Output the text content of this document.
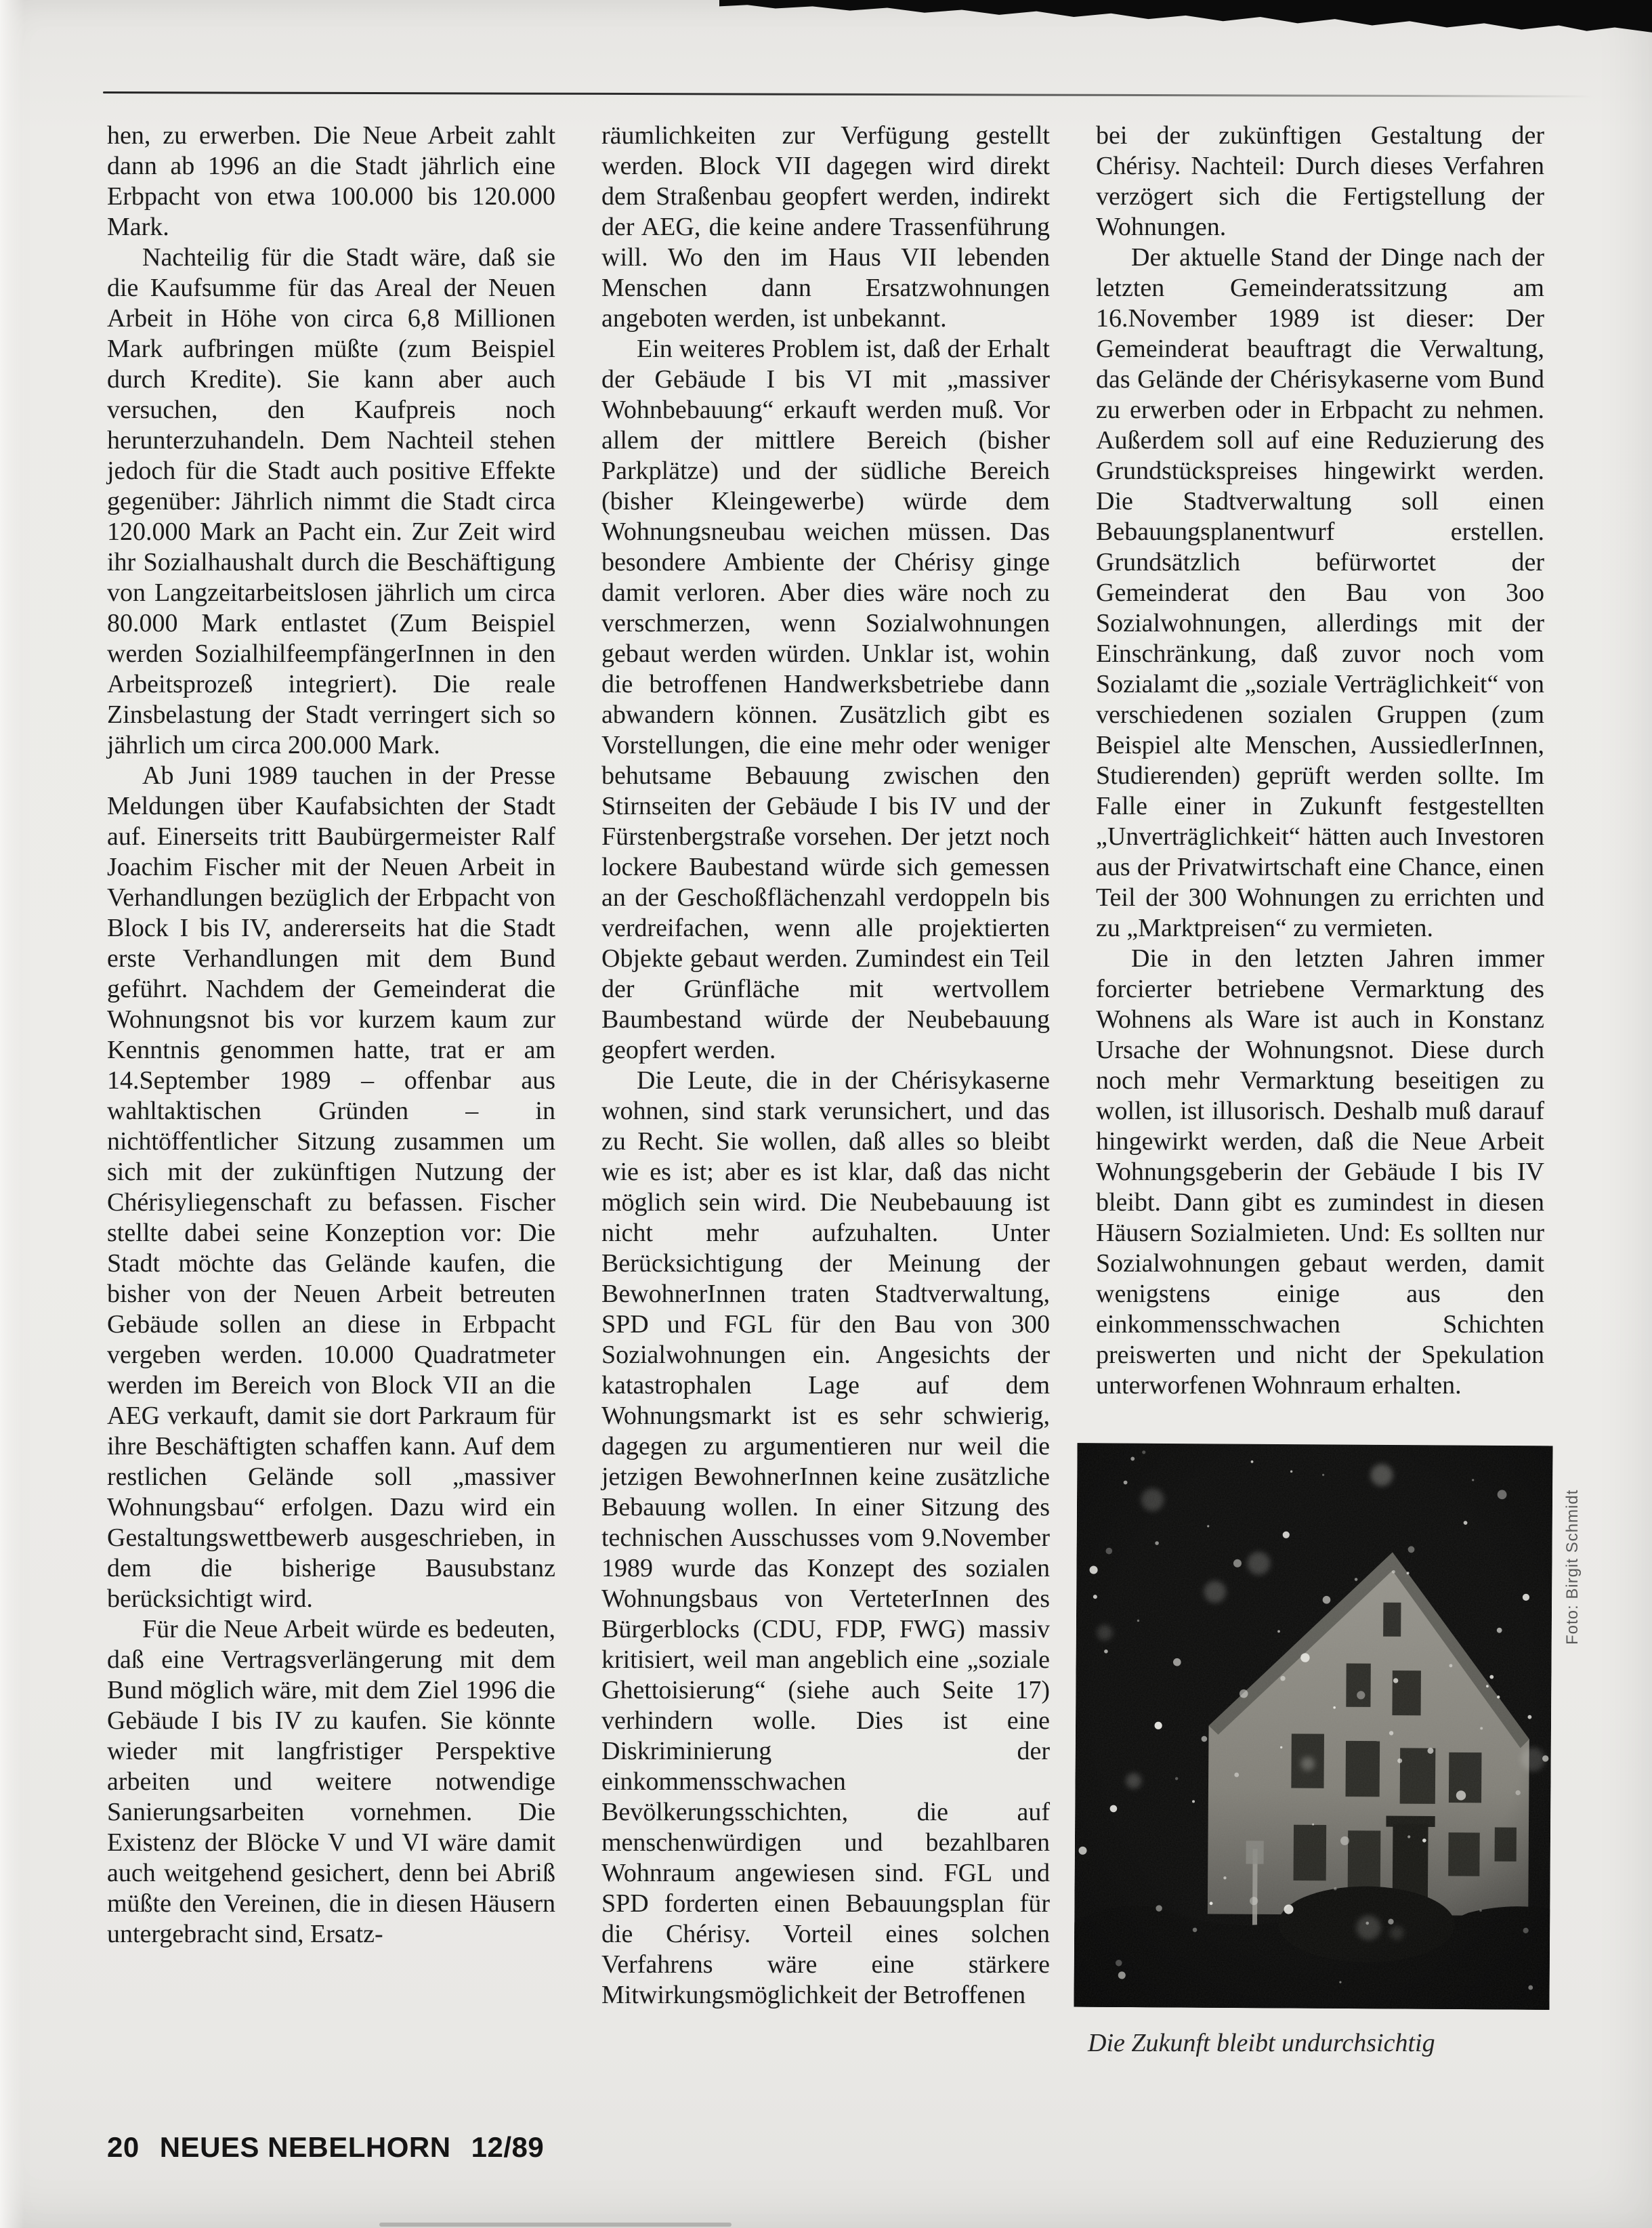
hen, zu erwerben. Die Neue Arbeit zahlt dann ab 1996 an die Stadt jährlich eine Erbpacht von etwa 100.000 bis 120.000 Mark.

Nachteilig für die Stadt wäre, daß sie die Kaufsumme für das Areal der Neuen Arbeit in Höhe von circa 6,8 Millionen Mark aufbringen müßte (zum Beispiel durch Kredite). Sie kann aber auch versuchen, den Kaufpreis noch herunterzuhandeln. Dem Nachteil stehen jedoch für die Stadt auch positive Effekte gegenüber: Jährlich nimmt die Stadt circa 120.000 Mark an Pacht ein. Zur Zeit wird ihr Sozialhaushalt durch die Beschäftigung von Langzeitarbeitslosen jährlich um circa 80.000 Mark entlastet (Zum Beispiel werden SozialhilfeempfängerInnen in den Arbeitsprozeß integriert). Die reale Zinsbelastung der Stadt verringert sich so jährlich um circa 200.000 Mark.

Ab Juni 1989 tauchen in der Presse Meldungen über Kaufabsichten der Stadt auf. Einerseits tritt Baubürgermeister Ralf Joachim Fischer mit der Neuen Arbeit in Verhandlungen bezüglich der Erbpacht von Block I bis IV, andererseits hat die Stadt erste Verhandlungen mit dem Bund geführt. Nachdem der Gemeinderat die Wohnungsnot bis vor kurzem kaum zur Kenntnis genommen hatte, trat er am 14.September 1989 – offenbar aus wahltaktischen Gründen – in nichtöffentlicher Sitzung zusammen um sich mit der zukünftigen Nutzung der Chérisyliegenschaft zu befassen. Fischer stellte dabei seine Konzeption vor: Die Stadt möchte das Gelände kaufen, die bisher von der Neuen Arbeit betreuten Gebäude sollen an diese in Erbpacht vergeben werden. 10.000 Quadratmeter werden im Bereich von Block VII an die AEG verkauft, damit sie dort Parkraum für ihre Beschäftigten schaffen kann. Auf dem restlichen Gelände soll „massiver Wohnungsbau“ erfolgen. Dazu wird ein Gestaltungswettbewerb ausgeschrieben, in dem die bisherige Bausubstanz berücksichtigt wird.

Für die Neue Arbeit würde es bedeuten, daß eine Vertragsverlängerung mit dem Bund möglich wäre, mit dem Ziel 1996 die Gebäude I bis IV zu kaufen. Sie könnte wieder mit langfristiger Perspektive arbeiten und weitere notwendige Sanierungsarbeiten vornehmen. Die Existenz der Blöcke V und VI wäre damit auch weitgehend gesichert, denn bei Abriß müßte den Vereinen, die in diesen Häusern untergebracht sind, Ersatz-

räumlichkeiten zur Verfügung gestellt werden. Block VII dagegen wird direkt dem Straßenbau geopfert werden, indirekt der AEG, die keine andere Trassenführung will. Wo den im Haus VII lebenden Menschen dann Ersatzwohnungen angeboten werden, ist unbekannt.

Ein weiteres Problem ist, daß der Erhalt der Gebäude I bis VI mit „massiver Wohnbebauung“ erkauft werden muß. Vor allem der mittlere Bereich (bisher Parkplätze) und der südliche Bereich (bisher Kleingewerbe) würde dem Wohnungsneubau weichen müssen. Das besondere Ambiente der Chérisy ginge damit verloren. Aber dies wäre noch zu verschmerzen, wenn Sozialwohnungen gebaut werden würden. Unklar ist, wohin die betroffenen Handwerksbetriebe dann abwandern können. Zusätzlich gibt es Vorstellungen, die eine mehr oder weniger behutsame Bebauung zwischen den Stirnseiten der Gebäude I bis IV und der Fürstenbergstraße vorsehen. Der jetzt noch lockere Baubestand würde sich gemessen an der Geschoßflächenzahl verdoppeln bis verdreifachen, wenn alle projektierten Objekte gebaut werden. Zumindest ein Teil der Grünfläche mit wertvollem Baumbestand würde der Neubebauung geopfert werden.

Die Leute, die in der Chérisykaserne wohnen, sind stark verunsichert, und das zu Recht. Sie wollen, daß alles so bleibt wie es ist; aber es ist klar, daß das nicht möglich sein wird. Die Neubebauung ist nicht mehr aufzuhalten. Unter Berücksichtigung der Meinung der BewohnerInnen traten Stadtverwaltung, SPD und FGL für den Bau von 300 Sozialwohnungen ein. Angesichts der katastrophalen Lage auf dem Wohnungsmarkt ist es sehr schwierig, dagegen zu argumentieren nur weil die jetzigen BewohnerInnen keine zusätzliche Bebauung wollen. In einer Sitzung des technischen Ausschusses vom 9.November 1989 wurde das Konzept des sozialen Wohnungsbaus von VerteterInnen des Bürgerblocks (CDU, FDP, FWG) massiv kritisiert, weil man angeblich eine „soziale Ghettoisierung“ (siehe auch Seite 17) verhindern wolle. Dies ist eine Diskriminierung der einkommensschwachen Bevölkerungsschichten, die auf menschenwürdigen und bezahlbaren Wohnraum angewiesen sind. FGL und SPD forderten einen Bebauungsplan für die Chérisy. Vorteil eines solchen Verfahrens wäre eine stärkere Mitwirkungsmöglichkeit der Betroffenen

bei der zukünftigen Gestaltung der Chérisy. Nachteil: Durch dieses Verfahren verzögert sich die Fertigstellung der Wohnungen.

Der aktuelle Stand der Dinge nach der letzten Gemeinderatssitzung am 16.November 1989 ist dieser: Der Gemeinderat beauftragt die Verwaltung, das Gelände der Chérisykaserne vom Bund zu erwerben oder in Erbpacht zu nehmen. Außerdem soll auf eine Reduzierung des Grundstückspreises hingewirkt werden. Die Stadtverwaltung soll einen Bebauungsplanentwurf erstellen. Grundsätzlich befürwortet der Gemeinderat den Bau von 3oo Sozialwohnungen, allerdings mit der Einschränkung, daß zuvor noch vom Sozialamt die „soziale Verträglichkeit“ von verschiedenen sozialen Gruppen (zum Beispiel alte Menschen, AussiedlerInnen, Studierenden) geprüft werden sollte. Im Falle einer in Zukunft festgestellten „Unverträglichkeit“ hätten auch Investoren aus der Privatwirtschaft eine Chance, einen Teil der 300 Wohnungen zu errichten und zu „Marktpreisen“ zu vermieten.

Die in den letzten Jahren immer forcierter betriebene Vermarktung des Wohnens als Ware ist auch in Konstanz Ursache der Wohnungsnot. Diese durch noch mehr Vermarktung beseitigen zu wollen, ist illusorisch. Deshalb muß darauf hingewirkt werden, daß die Neue Arbeit Wohnungsgeberin der Gebäude I bis IV bleibt. Dann gibt es zumindest in diesen Häusern Sozialmieten. Und: Es sollten nur Sozialwohnungen gebaut werden, damit wenigstens einige aus den einkommensschwachen Schichten preiswerten und nicht der Spekulation unterworfenen Wohnraum erhalten.

Die Zukunft bleibt undurchsichtig
Foto: Birgit Schmidt
20 NEUES NEBELHORN 12/89
